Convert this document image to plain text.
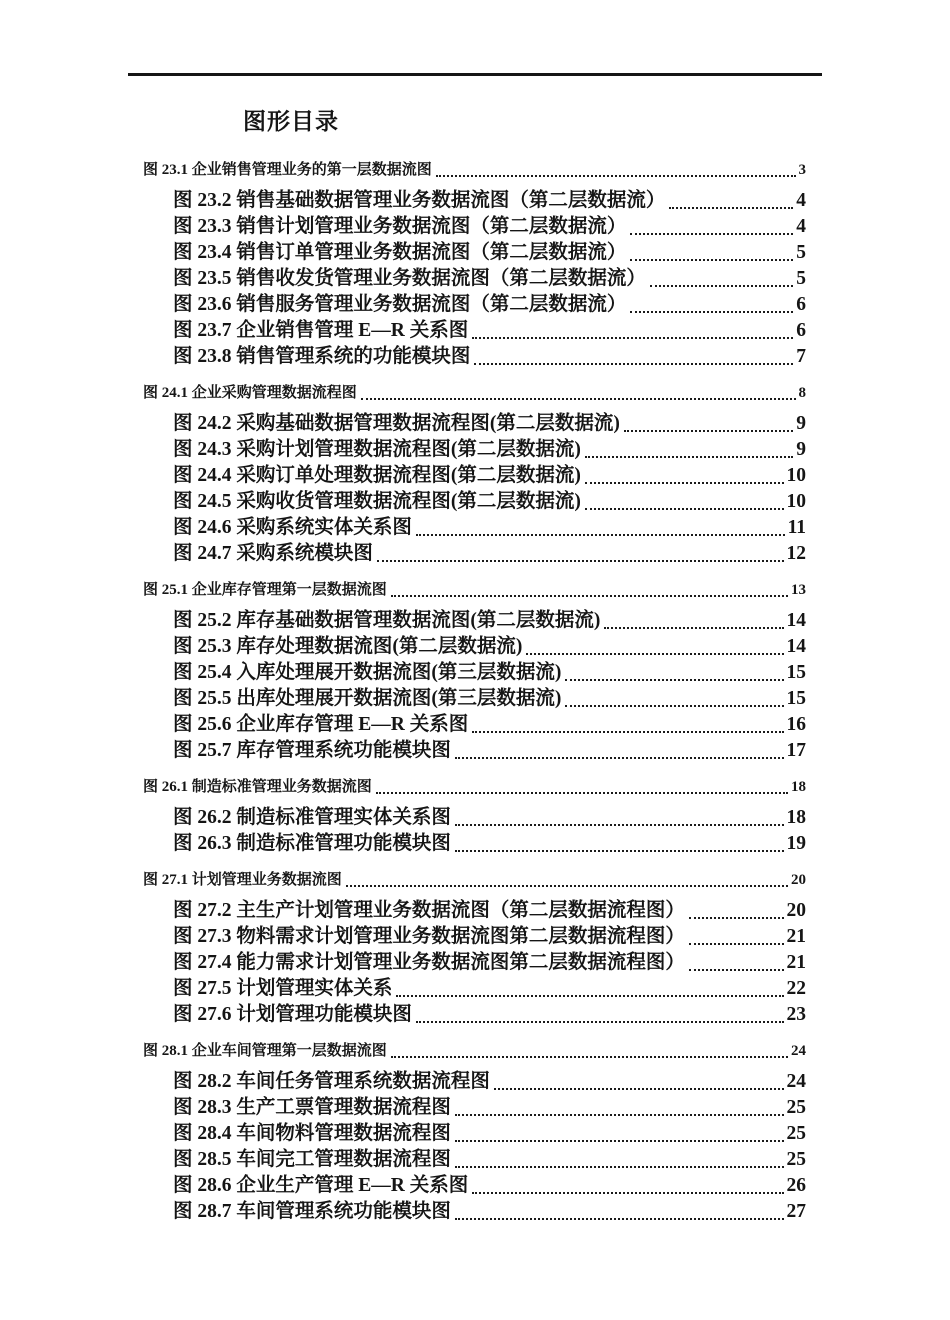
图形目录
图 23.1 企业销售管理业务的第一层数据流图	3
图 23.2 销售基础数据管理业务数据流图（第二层数据流）	4
图 23.3 销售计划管理业务数据流图（第二层数据流）	4
图 23.4 销售订单管理业务数据流图（第二层数据流）	5
图 23.5 销售收发货管理业务数据流图（第二层数据流）	5
图 23.6 销售服务管理业务数据流图（第二层数据流）	6
图 23.7 企业销售管理 E—R 关系图	6
图 23.8 销售管理系统的功能模块图	7
图 24.1 企业采购管理数据流程图	8
图 24.2 采购基础数据管理数据流程图(第二层数据流)	9
图 24.3 采购计划管理数据流程图(第二层数据流)	9
图 24.4 采购订单处理数据流程图(第二层数据流)	10
图 24.5 采购收货管理数据流程图(第二层数据流)	10
图 24.6 采购系统实体关系图	11
图 24.7 采购系统模块图	12
图 25.1 企业库存管理第一层数据流图	13
图 25.2 库存基础数据管理数据流图(第二层数据流)	14
图 25.3 库存处理数据流图(第二层数据流)	14
图 25.4 入库处理展开数据流图(第三层数据流)	15
图 25.5 出库处理展开数据流图(第三层数据流)	15
图 25.6 企业库存管理 E—R 关系图	16
图 25.7 库存管理系统功能模块图	17
图 26.1 制造标准管理业务数据流图	18
图 26.2 制造标准管理实体关系图	18
图 26.3 制造标准管理功能模块图	19
图 27.1 计划管理业务数据流图	20
图 27.2 主生产计划管理业务数据流图（第二层数据流程图）	20
图 27.3 物料需求计划管理业务数据流图第二层数据流程图）	21
图 27.4 能力需求计划管理业务数据流图第二层数据流程图）	21
图 27.5 计划管理实体关系	22
图 27.6 计划管理功能模块图	23
图 28.1 企业车间管理第一层数据流图	24
图 28.2 车间任务管理系统数据流程图	24
图 28.3 生产工票管理数据流程图	25
图 28.4 车间物料管理数据流程图	25
图 28.5 车间完工管理数据流程图	25
图 28.6 企业生产管理 E—R 关系图	26
图 28.7 车间管理系统功能模块图	27
